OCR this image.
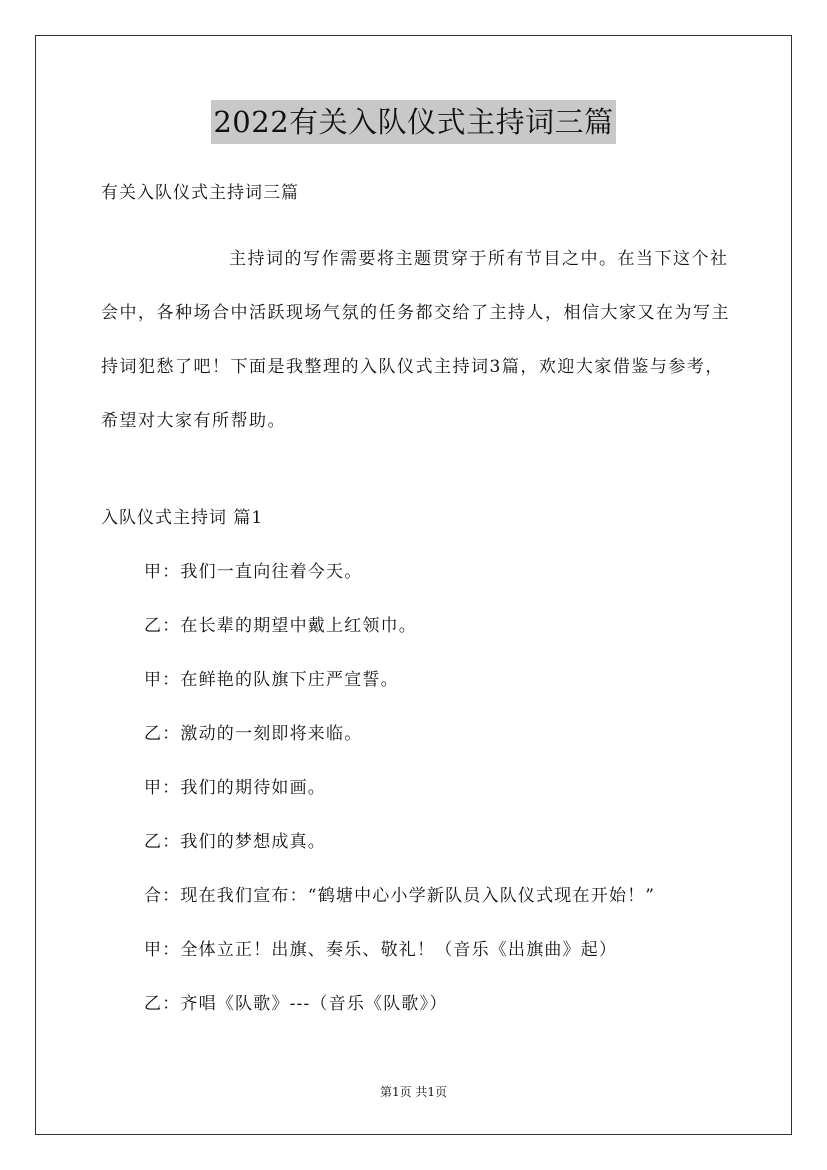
2022有关入队仪式主持词三篇
有关入队仪式主持词三篇

主持词的写作需要将主题贯穿于所有节目之中。在当下这个社会中，各种场合中活跃现场气氛的任务都交给了主持人，相信大家又在为写主持词犯愁了吧！下面是我整理的入队仪式主持词3篇，欢迎大家借鉴与参考，希望对大家有所帮助。

入队仪式主持词 篇1
甲：我们一直向往着今天。
乙：在长辈的期望中戴上红领巾。
甲：在鲜艳的队旗下庄严宣誓。
乙：激动的一刻即将来临。
甲：我们的期待如画。
乙：我们的梦想成真。
合：现在我们宣布：“鹤塘中心小学新队员入队仪式现在开始！”
甲：全体立正！出旗、奏乐、敬礼！（音乐《出旗曲》起）
乙：齐唱《队歌》---（音乐《队歌》）
第1页 共1页
